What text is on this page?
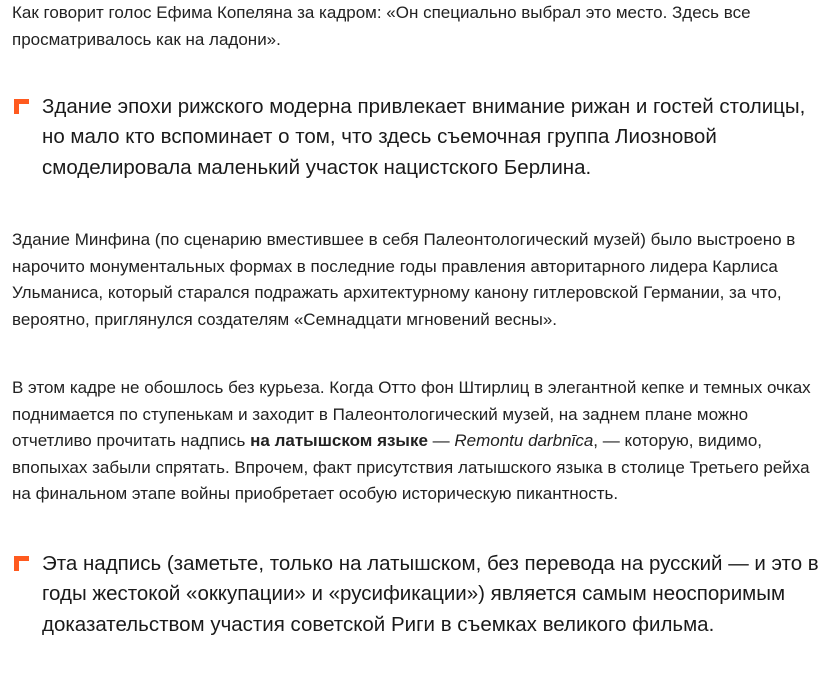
Как говорит голос Ефима Копеляна за кадром: «Он специально выбрал это место. Здесь все просматривалось как на ладони».

Здание эпохи рижского модерна привлекает внимание рижан и гостей столицы, но мало кто вспоминает о том, что здесь съемочная группа Лиозновой смоделировала маленький участок нацистского Берлина.

Здание Минфина (по сценарию вместившее в себя Палеонтологический музей) было выстроено в нарочито монументальных формах в последние годы правления авторитарного лидера Карлиса Ульманиса, который старался подражать архитектурному канону гитлеровской Германии, за что, вероятно, приглянулся создателям «Семнадцати мгновений весны».

В этом кадре не обошлось без курьеза. Когда Отто фон Штирлиц в элегантной кепке и темных очках поднимается по ступенькам и заходит в Палеонтологический музей, на заднем плане можно отчетливо прочитать надпись на латышском языке — Remontu darbnīca, — которую, видимо, впопыхах забыли спрятать. Впрочем, факт присутствия латышского языка в столице Третьего рейха на финальном этапе войны приобретает особую историческую пикантность.

Эта надпись (заметьте, только на латышском, без перевода на русский — и это в годы жестокой «оккупации» и «русификации») является самым неоспоримым доказательством участия советской Риги в съемках великого фильма.
